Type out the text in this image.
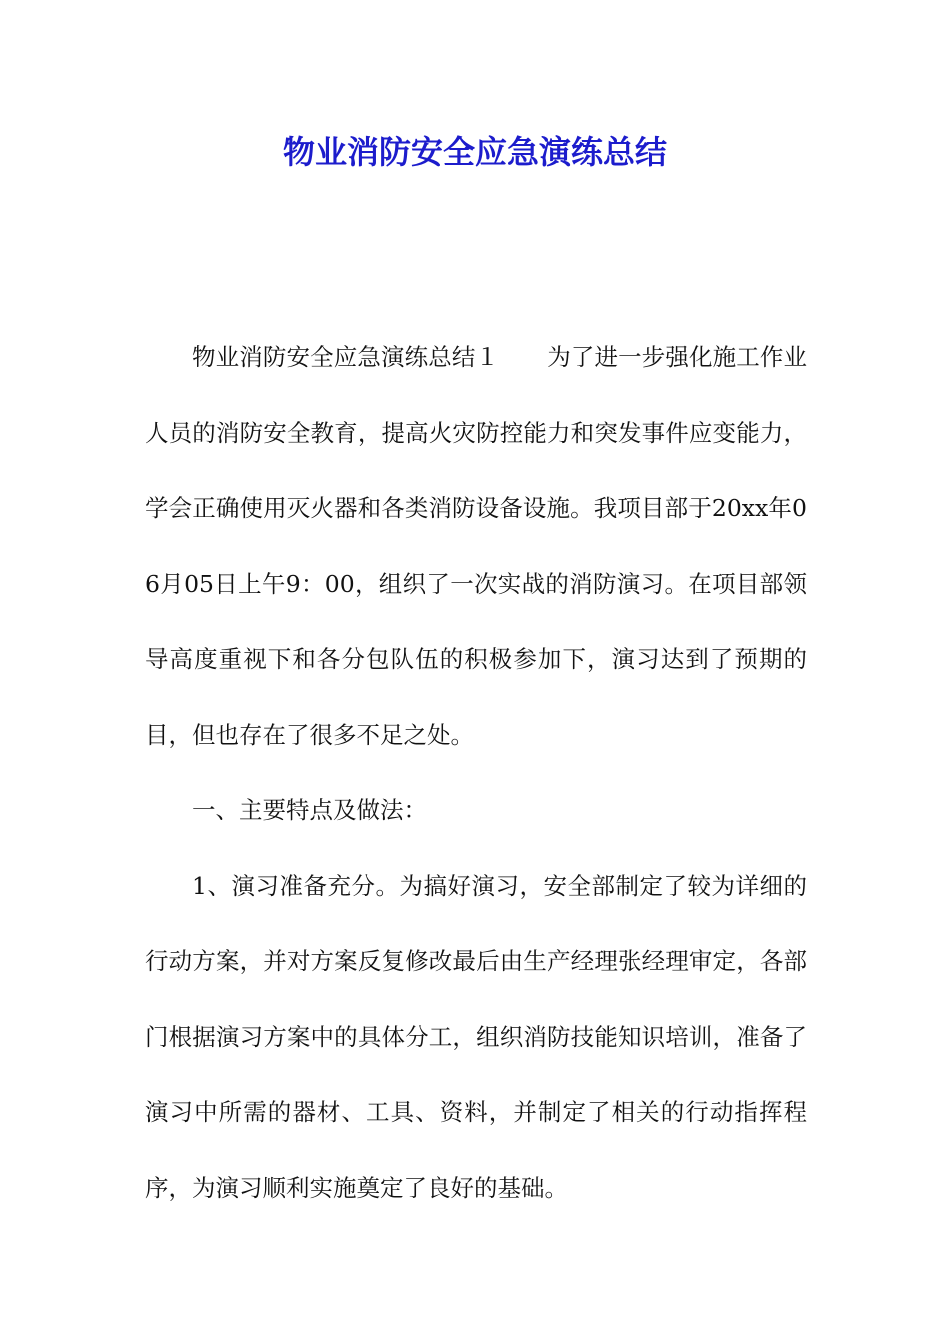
物业消防安全应急演练总结

物业消防安全应急演练总结１ 为了进一步强化施工作业人员的消防安全教育，提高火灾防控能力和突发事件应变能力，学会正确使用灭火器和各类消防设备设施。我项目部于20xx年06月05日上午9：00，组织了一次实战的消防演习。在项目部领导高度重视下和各分包队伍的积极参加下，演习达到了预期的目，但也存在了很多不足之处。

一、主要特点及做法：

1、演习准备充分。为搞好演习，安全部制定了较为详细的行动方案，并对方案反复修改最后由生产经理张经理审定，各部门根据演习方案中的具体分工，组织消防技能知识培训，准备了演习中所需的器材、工具、资料，并制定了相关的行动指挥程序，为演习顺利实施奠定了良好的基础。
